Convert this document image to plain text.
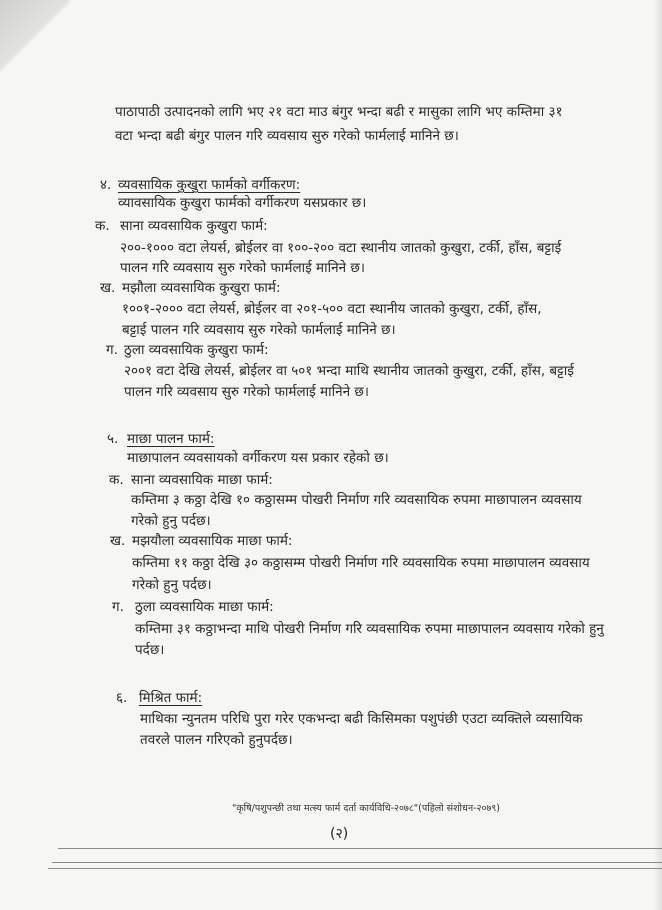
पाठापाठी उत्पादनको लागि भए २१ वटा माउ बंगुर भन्दा बढी र मासुका लागि भए कम्तिमा ३१

वटा भन्दा बढी बंगुर पालन गरि व्यवसाय सुरु गरेको फार्मलाई मानिने छ।

४. व्यवसायिक कुखुरा फार्मको वर्गीकरण:

व्यावसायिक कुखुरा फार्मको वर्गीकरण यसप्रकार छ।

क. साना व्यवसायिक कुखुरा फार्म:

२००-१००० वटा लेयर्स, ब्रोईलर वा १००-२०० वटा स्थानीय जातको कुखुरा, टर्की, हाँस, बट्टाई

पालन गरि व्यवसाय सुरु गरेको फार्मलाई मानिने छ।

ख. मझौला व्यवसायिक कुखुरा फार्म:

१००१-२००० वटा लेयर्स, ब्रोईलर वा २०१-५०० वटा स्थानीय जातको कुखुरा, टर्की, हाँस,

बट्टाई पालन गरि व्यवसाय सुरु गरेको फार्मलाई मानिने छ।

ग. ठुला व्यवसायिक कुखुरा फार्म:

२००१ वटा देखि लेयर्स, ब्रोईलर वा ५०१ भन्दा माथि स्थानीय जातको कुखुरा, टर्की, हाँस, बट्टाई

पालन गरि व्यवसाय सुरु गरेको फार्मलाई मानिने छ।

५. माछा पालन फार्म:

माछापालन व्यवसायको वर्गीकरण यस प्रकार रहेको छ।

क. साना व्यवसायिक माछा फार्म:

कम्तिमा ३ कठ्ठा देखि १० कठ्ठासम्म पोखरी निर्माण गरि व्यवसायिक रुपमा माछापालन व्यवसाय

गरेको हुनु पर्दछ।

ख. मझयौला व्यवसायिक माछा फार्म:

कम्तिमा ११ कठ्ठा देखि ३० कठ्ठासम्म पोखरी निर्माण गरि व्यवसायिक रुपमा माछापालन व्यवसाय

गरेको हुनु पर्दछ।

ग. ठुला व्यवसायिक माछा फार्म:

कम्तिमा ३१ कठ्ठाभन्दा माथि पोखरी निर्माण गरि व्यवसायिक रुपमा माछापालन व्यवसाय गरेको हुनु

पर्दछ।

६. मिश्रित फार्म:

माथिका न्युनतम परिधि पुरा गरेर एकभन्दा बढी किसिमका पशुपंछी एउटा व्यक्तिले व्यसायिक

तवरले पालन गरिएको हुनुपर्दछ।

"कृषि/पशुपन्छी तथा मत्स्य फार्म दर्ता कार्यविधि-२०७८"(पहिलो संशोधन-२०७९)

(२)
